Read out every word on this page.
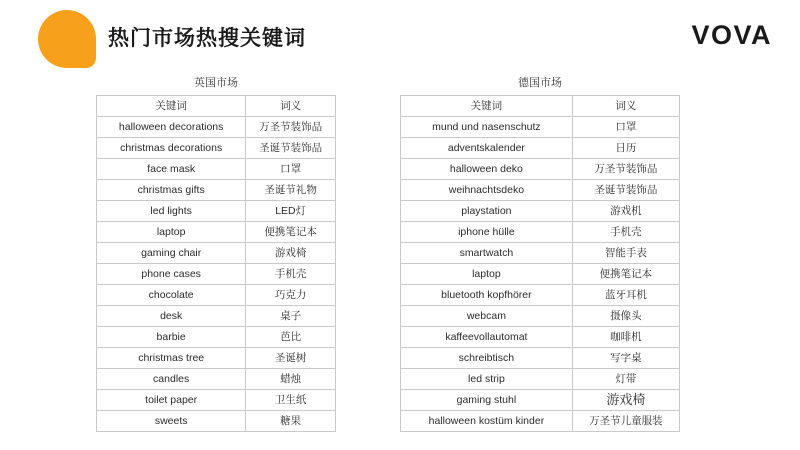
热门市场热搜关键词	VOVA
英国市场
关键词	词义
halloween decorations	万圣节装饰品
christmas decorations	圣诞节装饰品
face mask	口罩
christmas gifts	圣诞节礼物
led lights	LED灯
laptop	便携笔记本
gaming chair	游戏椅
phone cases	手机壳
chocolate	巧克力
desk	桌子
barbie	芭比
christmas tree	圣诞树
candles	蜡烛
toilet paper	卫生纸
sweets	糖果
德国市场
关键词	词义
mund und nasenschutz	口罩
adventskalender	日历
halloween deko	万圣节装饰品
weihnachtsdeko	圣诞节装饰品
playstation	游戏机
iphone hülle	手机壳
smartwatch	智能手表
laptop	便携笔记本
bluetooth kopfhörer	蓝牙耳机
webcam	摄像头
kaffeevollautomat	咖啡机
schreibtisch	写字桌
led strip	灯带
gaming stuhl	游戏椅
halloween kostüm kinder	万圣节儿童服装
